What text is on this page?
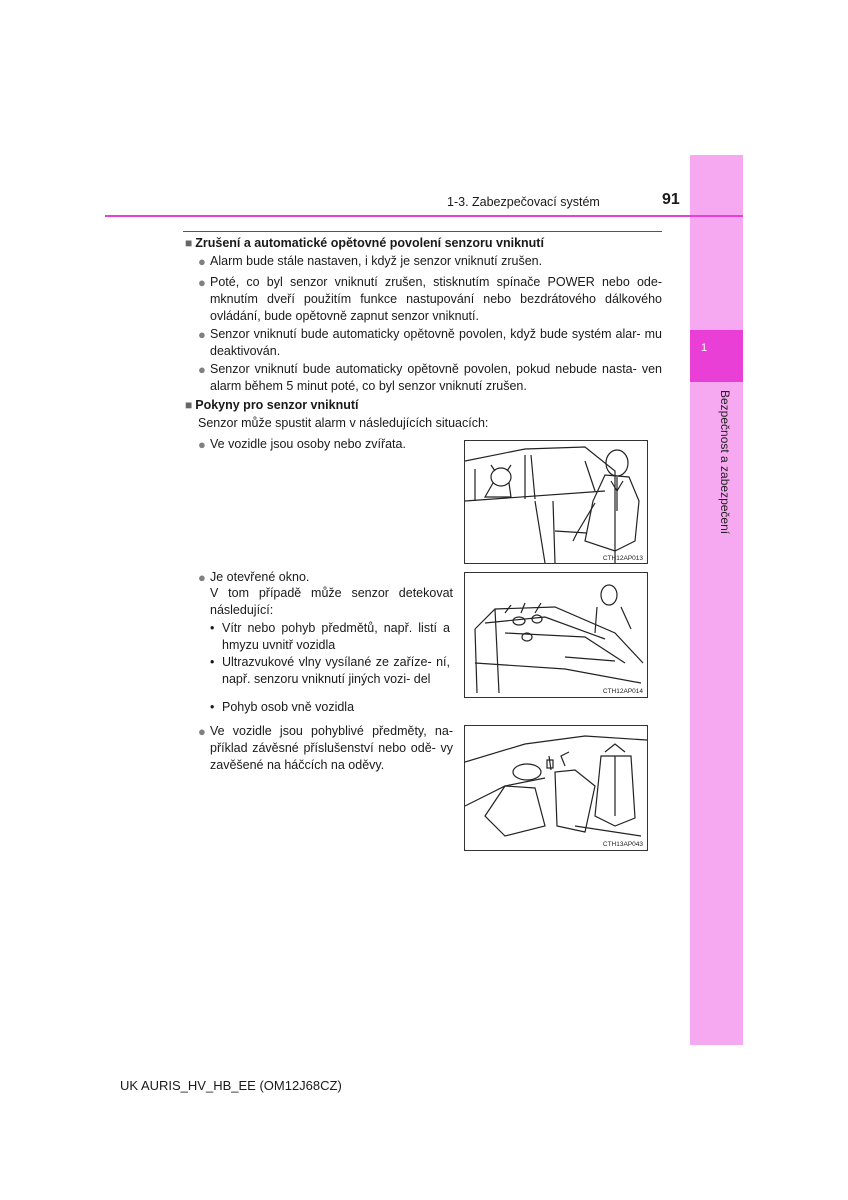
1
Bezpečnost a zabezpečení
1-3. Zabezpečovací systém	91
■ Zrušení a automatické opětovné povolení senzoru vniknutí
● Alarm bude stále nastaven, i když je senzor vniknutí zrušen.
● Poté, co byl senzor vniknutí zrušen, stisknutím spínače POWER nebo ode- mknutím dveří použitím funkce nastupování nebo bezdrátového dálkového ovládání, bude opětovně zapnut senzor vniknutí.
● Senzor vniknutí bude automaticky opětovně povolen, když bude systém alar- mu deaktivován.
● Senzor vniknutí bude automaticky opětovně povolen, pokud nebude nasta- ven alarm během 5 minut poté, co byl senzor vniknutí zrušen.
■ Pokyny pro senzor vniknutí
Senzor může spustit alarm v následujících situacích:
● Ve vozidle jsou osoby nebo zvířata.
● Je otevřené okno.
V tom případě může senzor detekovat následující:
• Vítr nebo pohyb předmětů, např. listí a hmyzu uvnitř vozidla
• Ultrazvukové vlny vysílané ze zaříze- ní, např. senzoru vniknutí jiných vozi- del
• Pohyb osob vně vozidla
● Ve vozidle jsou pohyblivé předměty, na- příklad závěsné příslušenství nebo odě- vy zavěšené na háčcích na oděvy.
CTH12AP013
CTH12AP014
CTH13AP043
UK AURIS_HV_HB_EE (OM12J68CZ)
